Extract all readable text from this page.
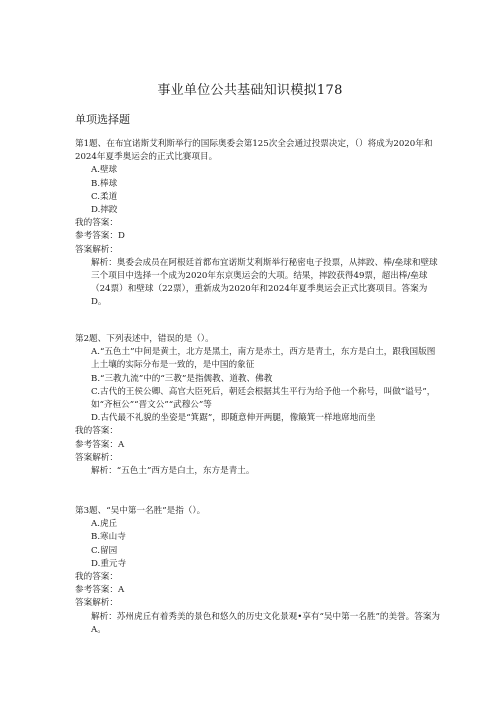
事业单位公共基础知识模拟178
单项选择题

第1题、在布宜诺斯艾利斯举行的国际奥委会第125次全会通过投票决定，（）将成为2020年和2024年夏季奥运会的正式比赛项目。

A.壁球

B.棒球

C.柔道

D.摔跤

我的答案：

参考答案：D

答案解析：

解析：奥委会成员在阿根廷首都布宜诺斯艾利斯举行秘密电子投票，从摔跤、棒/垒球和壁球三个项目中选择一个成为2020年东京奥运会的大项。结果，摔跤获得49票，超出棒/垒球（24票）和壁球（22票），重新成为2020年和2024年夏季奥运会正式比赛项目。答案为D。

第2题、下列表述中，错误的是（）。

A.“五色土”中间是黄土，北方是黑土，南方是赤土，西方是青土，东方是白土，跟我国版图上土壤的实际分布是一致的，是中国的象征

B.“三教九流”中的“三教”是指儒教、道教、佛教

C.古代的王侯公卿、高官大臣死后，朝廷会根据其生平行为给予他一个称号，叫做“谥号”，如“齐桓公”“晋文公”“武穆公”等

D.古代最不礼貌的坐姿是“箕踞”，即随意伸开两腿，像簸箕一样地席地而坐

我的答案：

参考答案：A

答案解析：

解析：“五色土”西方是白土，东方是青土。

第3题、“吴中第一名胜”是指（）。

A.虎丘

B.寒山寺

C.留园

D.重元寺

我的答案：

参考答案：A

答案解析：

解析：苏州虎丘有着秀美的景色和悠久的历史文化景观•享有“吴中第一名胜”的美誉。答案为A。
